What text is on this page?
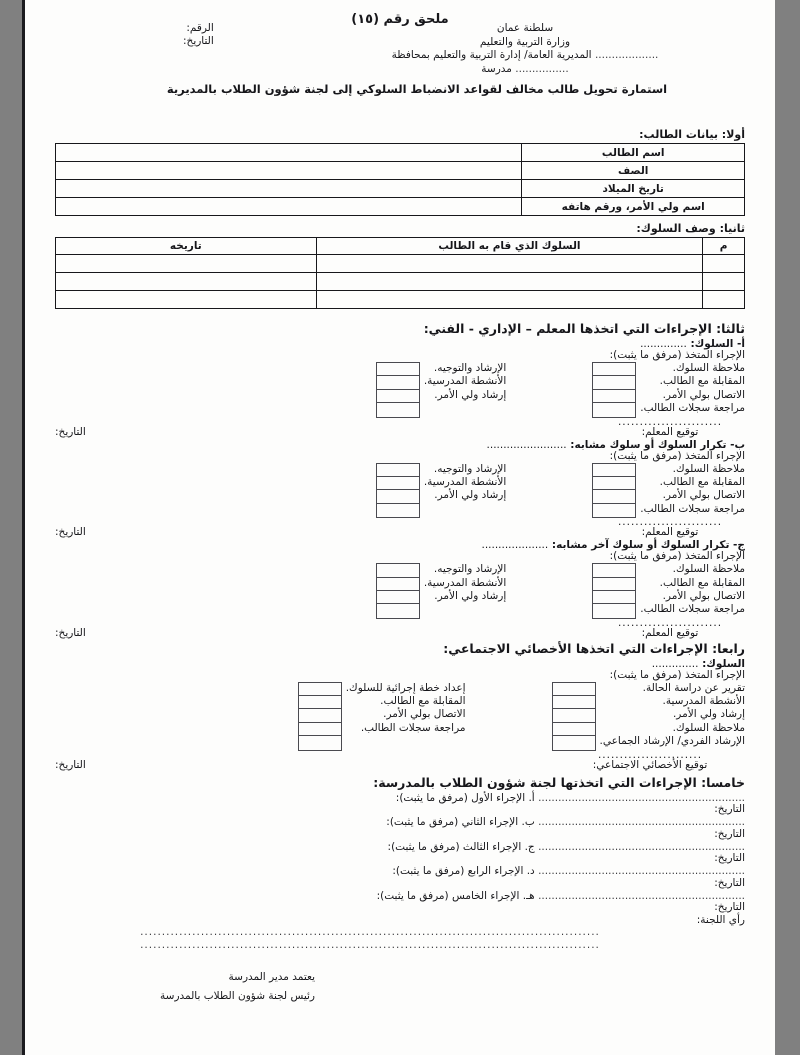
ملحق رقم (١٥)
الرقم:
التاريخ:
سلطنة عمان
وزارة التربية والتعليم
................... المديرية العامة/ إدارة التربية والتعليم بمحافظة
................ مدرسة
استمارة تحويل طالب مخالف لقواعد الانضباط السلوكي إلى لجنة شؤون الطلاب بالمديرية
أولا: بيانات الطالب:
اسم الطالب	
الصف	
تاريخ الميلاد	
اسم ولي الأمر، ورقم هاتفه	
ثانيا: وصف السلوك:
م	السلوك الذي قام به الطالب	تاريخه

ثالثا: الإجراءات التي اتخذها المعلم – الإداري - الفني:
أ- السلوك: ..............
الإجراء المتخذ (مرفق ما يثبت):
ملاحظة السلوك.
المقابلة مع الطالب.
الاتصال بولي الأمر.
مراجعة سجلات الطالب.
الإرشاد والتوجيه.
الأنشطة المدرسية.
إرشاد ولي الأمر.
التاريخ:
........................
توقيع المعلم:
ب- تكرار السلوك أو سلوك مشابه: ........................
الإجراء المتخذ (مرفق ما يثبت):
ملاحظة السلوك.
المقابلة مع الطالب.
الاتصال بولي الأمر.
مراجعة سجلات الطالب.
الإرشاد والتوجيه.
الأنشطة المدرسية.
إرشاد ولي الأمر.
التاريخ:
........................
توقيع المعلم:
ج- تكرار السلوك أو سلوك آخر مشابه: ....................
الإجراء المتخذ (مرفق ما يثبت):
ملاحظة السلوك.
المقابلة مع الطالب.
الاتصال بولي الأمر.
مراجعة سجلات الطالب.
الإرشاد والتوجيه.
الأنشطة المدرسية.
إرشاد ولي الأمر.
التاريخ:
........................
توقيع المعلم:
رابعا: الإجراءات التي اتخذها الأخصائي الاجتماعي:
السلوك: ..............
الإجراء المتخذ (مرفق ما يثبت):
تقرير عن دراسة الحالة.
الأنشطة المدرسية.
إرشاد ولي الأمر.
ملاحظة السلوك.
الإرشاد الفردي/ الإرشاد الجماعي.
إعداد خطة إجرائية للسلوك.
المقابلة مع الطالب.
الاتصال بولي الأمر.
مراجعة سجلات الطالب.
التاريخ:
........................
توقيع الأخصائي الاجتماعي:
خامسا: الإجراءات التي اتخذتها لجنة شؤون الطلاب بالمدرسة:
.............................................................. أ. الإجراء الأول (مرفق ما يثبت):
التاريخ:
.............................................................. ب. الإجراء الثاني (مرفق ما يثبت):
التاريخ:
.............................................................. ج. الإجراء الثالث (مرفق ما يثبت):
التاريخ:
.............................................................. د. الإجراء الرابع (مرفق ما يثبت):
التاريخ:
.............................................................. هـ. الإجراء الخامس (مرفق ما يثبت):
التاريخ:
رأي اللجنة:
..........................................................................................................
..........................................................................................................
يعتمد مدير المدرسة
رئيس لجنة شؤون الطلاب بالمدرسة
